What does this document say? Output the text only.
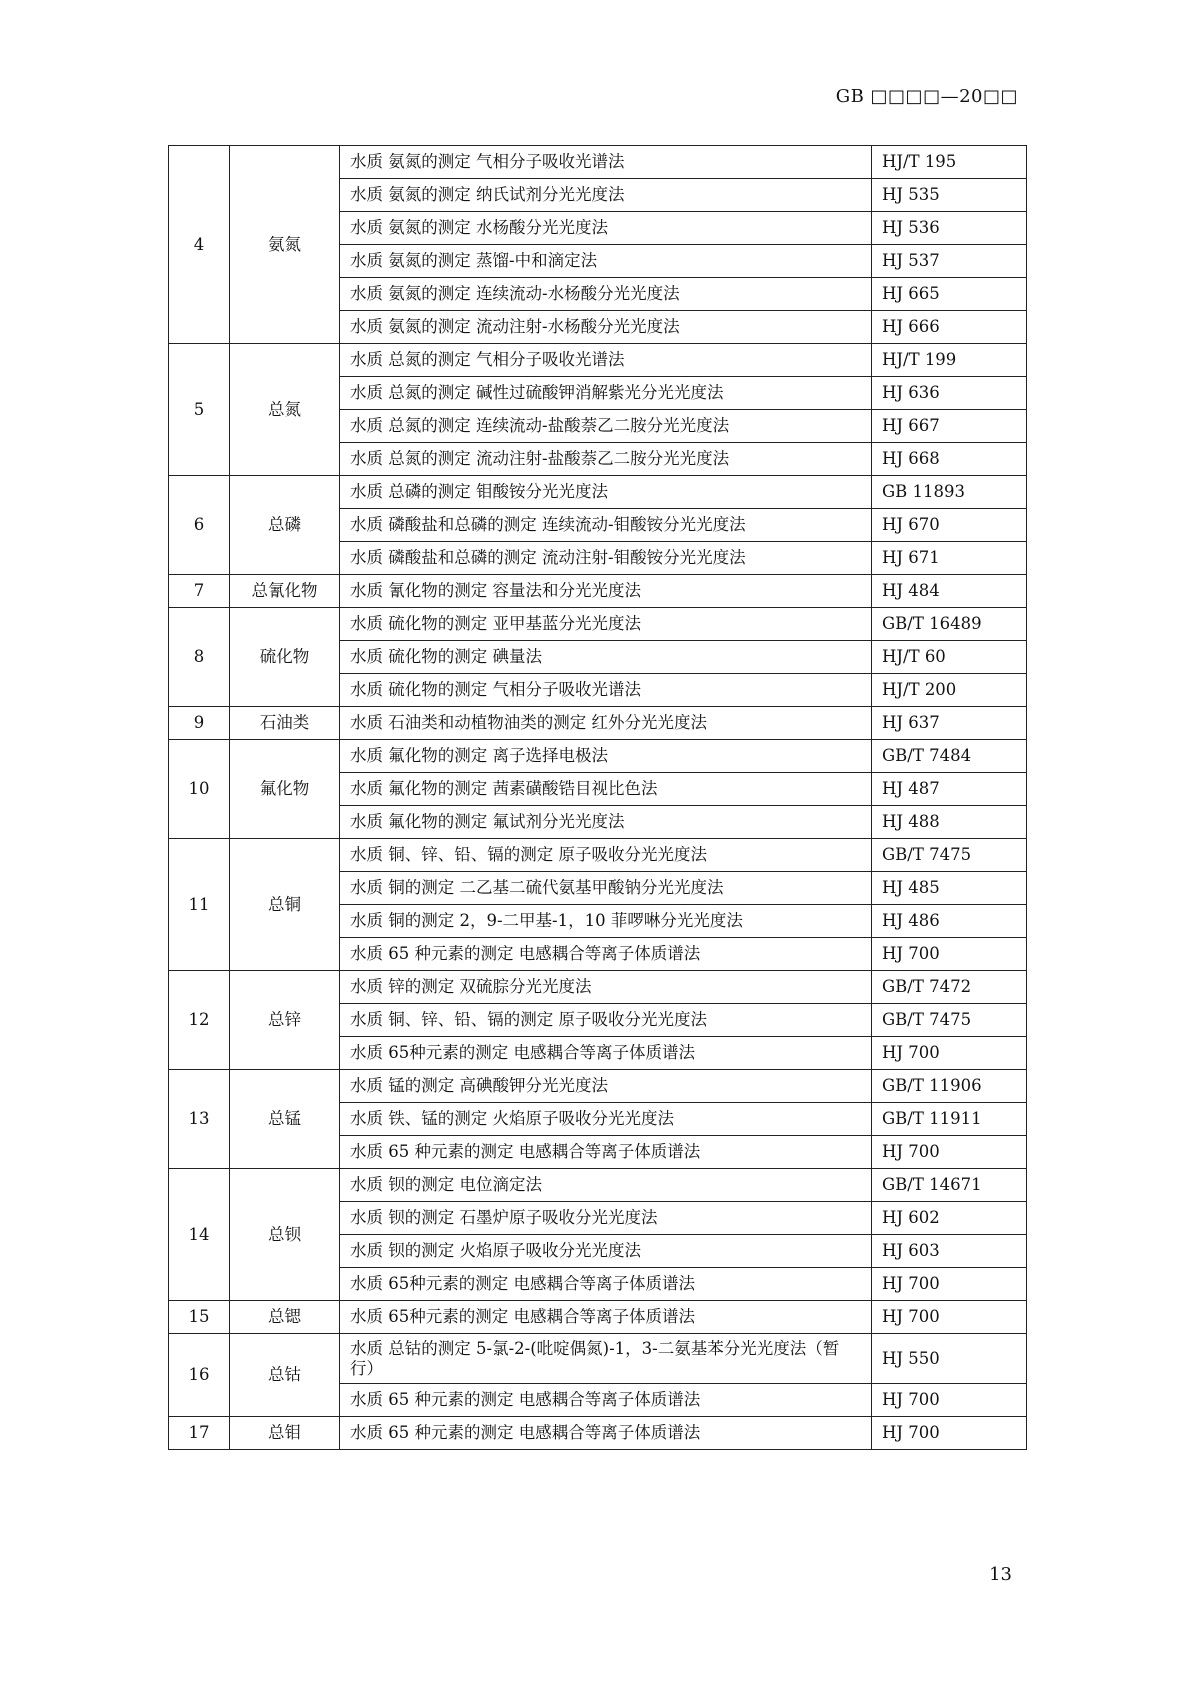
GB □□□□—20□□
4	氨氮	水质 氨氮的测定 气相分子吸收光谱法	HJ/T 195
		水质 氨氮的测定 纳氏试剂分光光度法	HJ 535
		水质 氨氮的测定 水杨酸分光光度法	HJ 536
		水质 氨氮的测定 蒸馏-中和滴定法	HJ 537
		水质 氨氮的测定 连续流动-水杨酸分光光度法	HJ 665
		水质 氨氮的测定 流动注射-水杨酸分光光度法	HJ 666
5	总氮	水质 总氮的测定 气相分子吸收光谱法	HJ/T 199
		水质 总氮的测定 碱性过硫酸钾消解紫光分光光度法	HJ 636
		水质 总氮的测定 连续流动-盐酸萘乙二胺分光光度法	HJ 667
		水质 总氮的测定 流动注射-盐酸萘乙二胺分光光度法	HJ 668
6	总磷	水质 总磷的测定 钼酸铵分光光度法	GB 11893
		水质 磷酸盐和总磷的测定 连续流动-钼酸铵分光光度法	HJ 670
		水质 磷酸盐和总磷的测定 流动注射-钼酸铵分光光度法	HJ 671
7	总氰化物	水质 氰化物的测定 容量法和分光光度法	HJ 484
8	硫化物	水质 硫化物的测定 亚甲基蓝分光光度法	GB/T 16489
		水质 硫化物的测定 碘量法	HJ/T 60
		水质 硫化物的测定 气相分子吸收光谱法	HJ/T 200
9	石油类	水质 石油类和动植物油类的测定 红外分光光度法	HJ 637
10	氟化物	水质 氟化物的测定 离子选择电极法	GB/T 7484
		水质 氟化物的测定 茜素磺酸锆目视比色法	HJ 487
		水质 氟化物的测定 氟试剂分光光度法	HJ 488
11	总铜	水质 铜、锌、铅、镉的测定 原子吸收分光光度法	GB/T 7475
		水质 铜的测定 二乙基二硫代氨基甲酸钠分光光度法	HJ 485
		水质 铜的测定 2，9-二甲基-1，10 菲啰啉分光光度法	HJ 486
		水质 65 种元素的测定 电感耦合等离子体质谱法	HJ 700
12	总锌	水质 锌的测定 双硫腙分光光度法	GB/T 7472
		水质 铜、锌、铅、镉的测定 原子吸收分光光度法	GB/T 7475
		水质 65种元素的测定 电感耦合等离子体质谱法	HJ 700
13	总锰	水质 锰的测定 高碘酸钾分光光度法	GB/T 11906
		水质 铁、锰的测定 火焰原子吸收分光光度法	GB/T 11911
		水质 65 种元素的测定 电感耦合等离子体质谱法	HJ 700
14	总钡	水质 钡的测定 电位滴定法	GB/T 14671
		水质 钡的测定 石墨炉原子吸收分光光度法	HJ 602
		水质 钡的测定 火焰原子吸收分光光度法	HJ 603
		水质 65种元素的测定 电感耦合等离子体质谱法	HJ 700
15	总锶	水质 65种元素的测定 电感耦合等离子体质谱法	HJ 700
16	总钴	水质 总钴的测定 5-氯-2-(吡啶偶氮)-1，3-二氨基苯分光光度法（暂行）	HJ 550
		水质 65 种元素的测定 电感耦合等离子体质谱法	HJ 700
17	总钼	水质 65 种元素的测定 电感耦合等离子体质谱法	HJ 700
13
